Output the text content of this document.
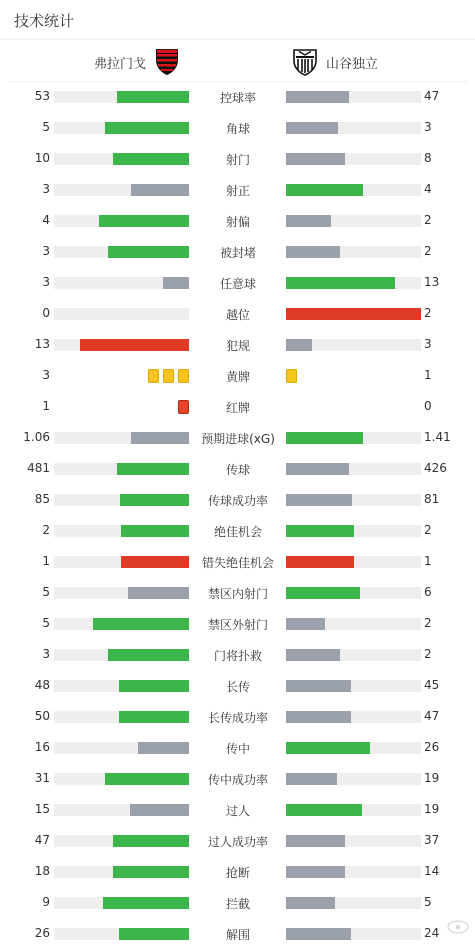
技术统计
弗拉门戈	山谷独立
53	控球率	47
5	角球	3
10	射门	8
3	射正	4
4	射偏	2
3	被封堵	2
3	任意球	13
0	越位	2
13	犯规	3
3	黄牌	1
1	红牌	0
1.06	预期进球(xG)	1.41
481	传球	426
85	传球成功率	81
2	绝佳机会	2
1	错失绝佳机会	1
5	禁区内射门	6
5	禁区外射门	2
3	门将扑救	2
48	长传	45
50	长传成功率	47
16	传中	26
31	传中成功率	19
15	过人	19
47	过人成功率	37
18	抢断	14
9	拦截	5
26	解围	24
